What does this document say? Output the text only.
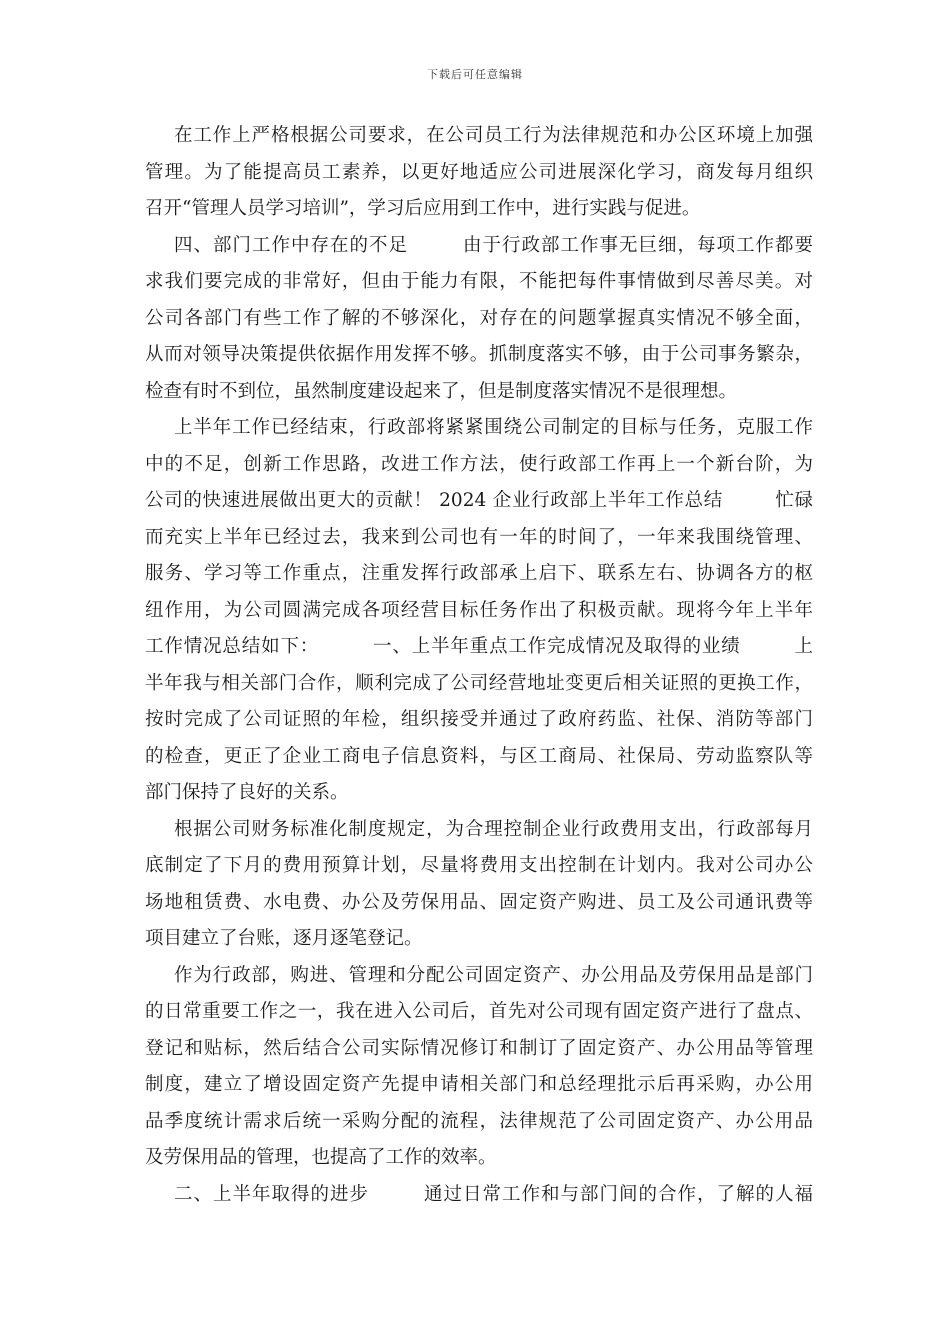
下载后可任意编辑
在工作上严格根据公司要求，在公司员工行为法律规范和办公区环境上加强
管理。为了能提高员工素养，以更好地适应公司进展深化学习，商发每月组织
召开“管理人员学习培训”，学习后应用到工作中，进行实践与促进。
四、部门工作中存在的不足        由于行政部工作事无巨细，每项工作都要
求我们要完成的非常好，但由于能力有限，不能把每件事情做到尽善尽美。对
公司各部门有些工作了解的不够深化，对存在的问题掌握真实情况不够全面，
从而对领导决策提供依据作用发挥不够。抓制度落实不够，由于公司事务繁杂，
检查有时不到位，虽然制度建设起来了，但是制度落实情况不是很理想。
上半年工作已经结束，行政部将紧紧围绕公司制定的目标与任务，克服工作
中的不足，创新工作思路，改进工作方法，使行政部工作再上一个新台阶，为
公司的快速进展做出更大的贡献！ 2024 企业行政部上半年工作总结        忙碌
而充实上半年已经过去，我来到公司也有一年的时间了，一年来我围绕管理、
服务、学习等工作重点，注重发挥行政部承上启下、联系左右、协调各方的枢
纽作用，为公司圆满完成各项经营目标任务作出了积极贡献。现将今年上半年
工作情况总结如下：        一、上半年重点工作完成情况及取得的业绩        上
半年我与相关部门合作，顺利完成了公司经营地址变更后相关证照的更换工作，
按时完成了公司证照的年检，组织接受并通过了政府药监、社保、消防等部门
的检查，更正了企业工商电子信息资料，与区工商局、社保局、劳动监察队等
部门保持了良好的关系。
根据公司财务标准化制度规定，为合理控制企业行政费用支出，行政部每月
底制定了下月的费用预算计划，尽量将费用支出控制在计划内。我对公司办公
场地租赁费、水电费、办公及劳保用品、固定资产购进、员工及公司通讯费等
项目建立了台账，逐月逐笔登记。
作为行政部，购进、管理和分配公司固定资产、办公用品及劳保用品是部门
的日常重要工作之一，我在进入公司后，首先对公司现有固定资产进行了盘点、
登记和贴标，然后结合公司实际情况修订和制订了固定资产、办公用品等管理
制度，建立了增设固定资产先提申请相关部门和总经理批示后再采购，办公用
品季度统计需求后统一采购分配的流程，法律规范了公司固定资产、办公用品
及劳保用品的管理，也提高了工作的效率。
二、上半年取得的进步        通过日常工作和与部门间的合作，了解的人福
